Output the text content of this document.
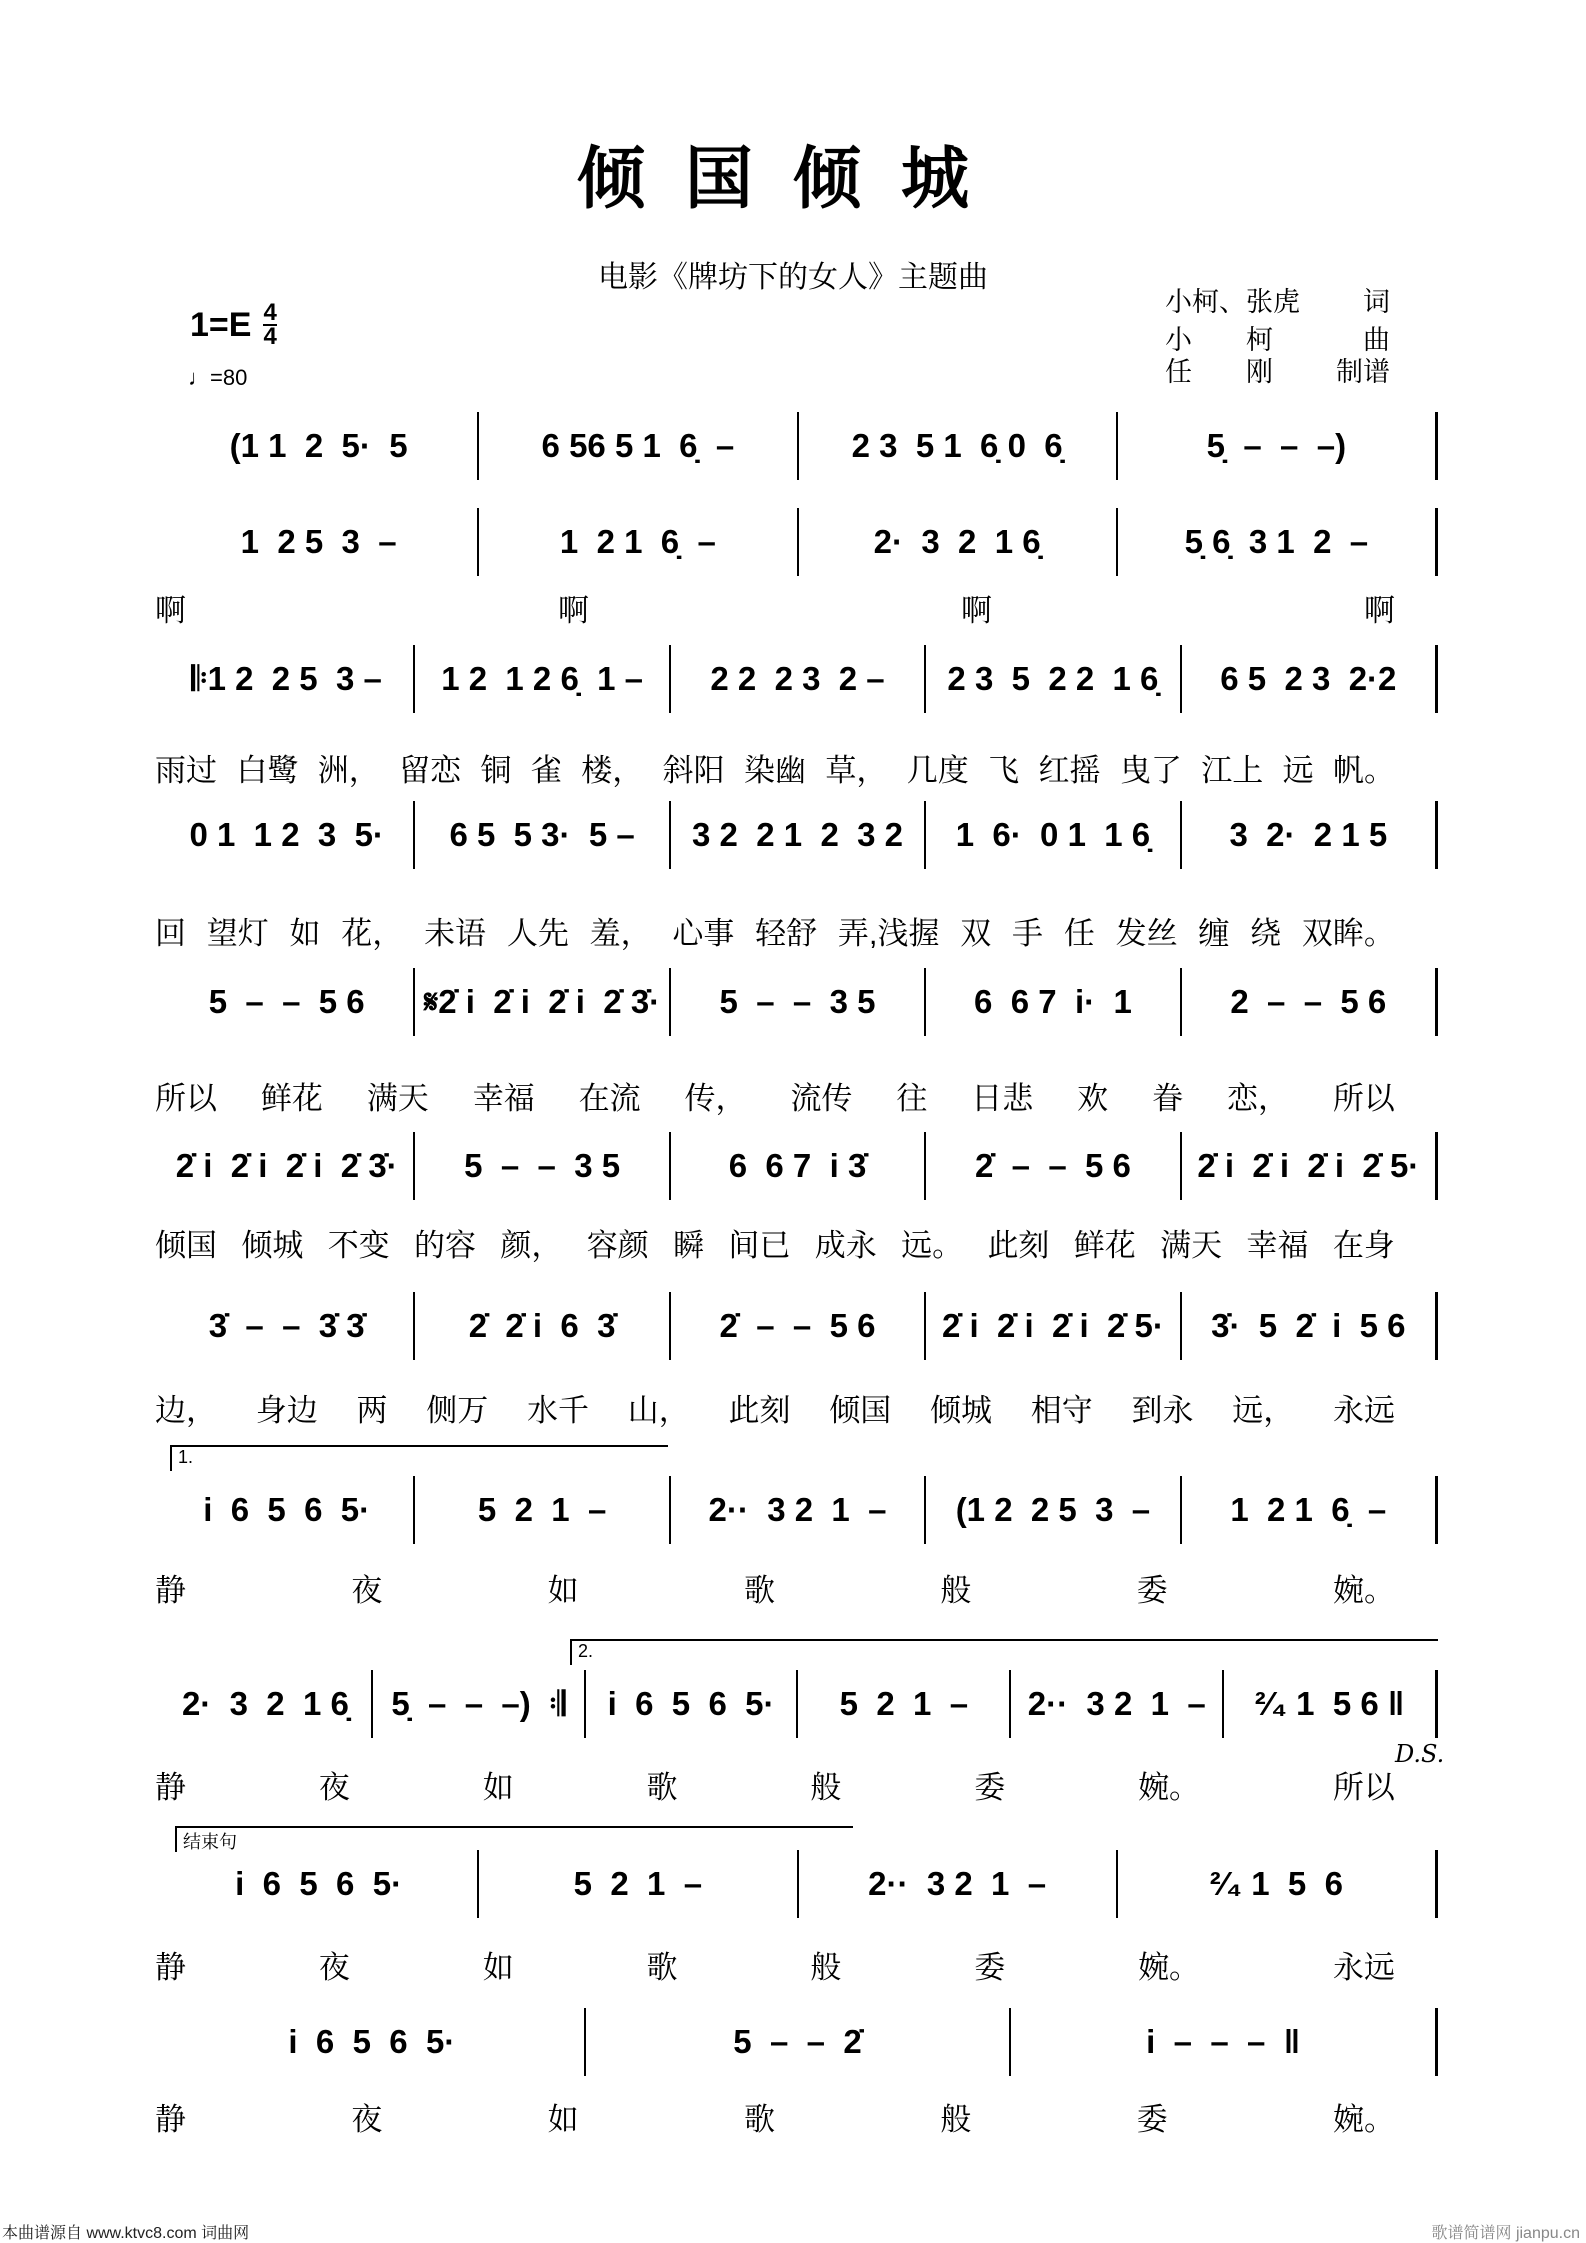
倾国倾城
电影《牌坊下的女人》主题曲
小柯、张虎 词
小　　柯	曲
任　　刚 制谱
$1=E \frac{4}{4}$
♩=80
(1 1  2  5·  5	6 56 5 1  6̣  –	2 3  5 1  6̣ 0  6̣	5̣  –  –  –)
1  2 5  3  –	1  2 1  6̣  –	2·  3  2  1 6̣	5̣ 6̣  3 1  2  –
啊	啊	啊	啊
𝄆1 2  2 5  3 –	1 2  1 2 6̣  1 –	2 2  2 3  2 –	2 3  5  2 2  1 6̣	6 5  2 3  2·2
雨过 白鹭 洲， 留恋 铜 雀 楼， 斜阳 染幽 草， 几度 飞 红摇 曳了 江上 远 帆。
0 1  1 2  3  5·	6 5  5 3·  5 –	3 2  2 1  2  3 2	1  6·  0 1  1 6̣	3  2·  2 1 5
回 望灯 如 花， 未语 人先 羞， 心事 轻舒 弄,浅握 双 手 任 发丝 缠 绕 双眸。
5  –  –  5 6	𝄋2̇ i  2̇ i  2̇ i  2̇ 3̇·	5  –  –  3 5	6  6 7  i·  1	2  –  –  5 6
所以 鲜花 满天 幸福 在流 传， 流传 往 日悲 欢 眷 恋， 所以
2̇ i  2̇ i  2̇ i  2̇ 3̇·	5  –  –  3 5	6  6 7  i 3̇	2̇  –  –  5 6	2̇ i  2̇ i  2̇ i  2̇ 5·
倾国 倾城 不变 的容 颜， 容颜 瞬 间已 成永 远。 此刻 鲜花 满天 幸福 在身
3̇  –  –  3̇ 3̇	2̇  2̇ i  6  3̇	2̇  –  –  5 6	2̇ i  2̇ i  2̇ i  2̇ 5·	3̇·  5  2̇  i  5 6
边， 身边 两 侧万 水千 山， 此刻 倾国 倾城 相守 到永 远， 永远
i  6  5  6  5·	5  2  1  –	2··  3 2  1  –	(1 2  2 5  3  –	1  2 1  6̣  –
静	夜	如	歌	般	委	婉。
1.
2·  3  2  1 6̣	5̣  –  –  –)  𝄇	i  6  5  6  5·	5  2  1  –	2··  3 2  1  –	²⁄₄ 1  5 6 ‖
静	夜	如	歌	般	委	婉。	所以
2.
i  6  5  6  5·	5  2  1  –	2··  3 2  1  –	²⁄₄ 1  5  6
静	夜	如	歌	般	委	婉。	永远
结束句
i  6  5  6  5·	5  –  –  2̇	i  –  –  –  ‖
静	夜	如	歌	般	委	婉。
D.S.
本曲谱源自 www.ktvc8.com 词曲网	歌谱简谱网 jianpu.cn
